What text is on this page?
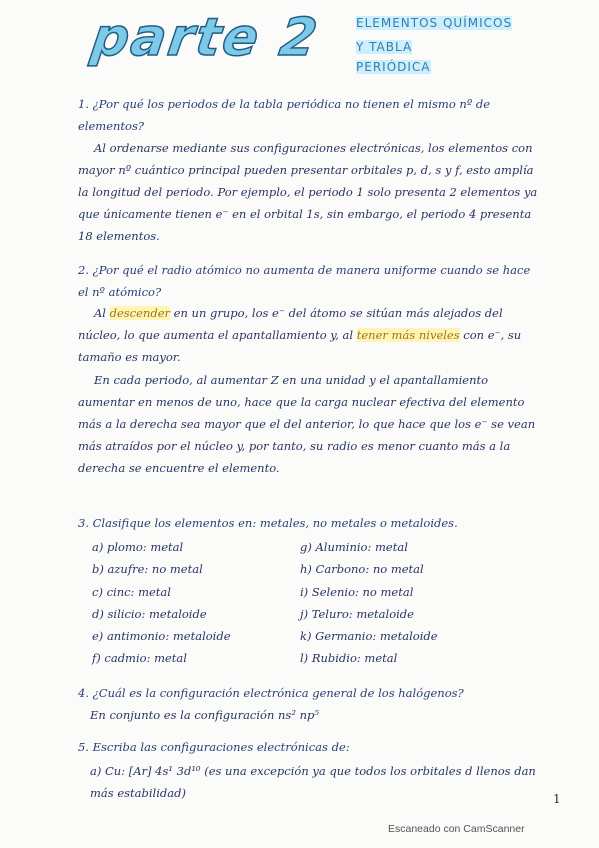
parte 2	ELEMENTOS QUÍMICOS
Y TABLA
PERIÓDICA
1. ¿Por qué los periodos de la tabla periódica no tienen el mismo nº de elementos?
Al ordenarse mediante sus configuraciones electrónicas, los elementos con mayor nº cuántico principal pueden presentar orbitales p, d, s y f, esto amplía la longitud del periodo. Por ejemplo, el periodo 1 solo presenta 2 elementos ya que únicamente tienen e⁻ en el orbital 1s, sin embargo, el periodo 4 presenta 18 elementos.
2. ¿Por qué el radio atómico no aumenta de manera uniforme cuando se hace el nº atómico?
Al descender en un grupo, los e⁻ del átomo se sitúan más alejados del núcleo, lo que aumenta el apantallamiento y, al tener más niveles con e⁻, su tamaño es mayor.
En cada periodo, al aumentar Z en una unidad y el apantallamiento aumentar en menos de uno, hace que la carga nuclear efectiva del elemento más a la derecha sea mayor que el del anterior, lo que hace que los e⁻ se vean más atraídos por el núcleo y, por tanto, su radio es menor cuanto más a la derecha se encuentre el elemento.
3. Clasifique los elementos en: metales, no metales o metaloides.
a) plomo: metal
b) azufre: no metal
c) cinc: metal
d) silicio: metaloide
e) antimonio: metaloide
f) cadmio: metal
g) Aluminio: metal
h) Carbono: no metal
i) Selenio: no metal
j) Teluro: metaloide
k) Germanio: metaloide
l) Rubidio: metal
4. ¿Cuál es la configuración electrónica general de los halógenos?
En conjunto es la configuración ns² np⁵
5. Escriba las configuraciones electrónicas de:
a) Cu: [Ar] 4s¹ 3d¹⁰ (es una excepción ya que todos los orbitales d llenos dan más estabilidad)	1
Escaneado con CamScanner
